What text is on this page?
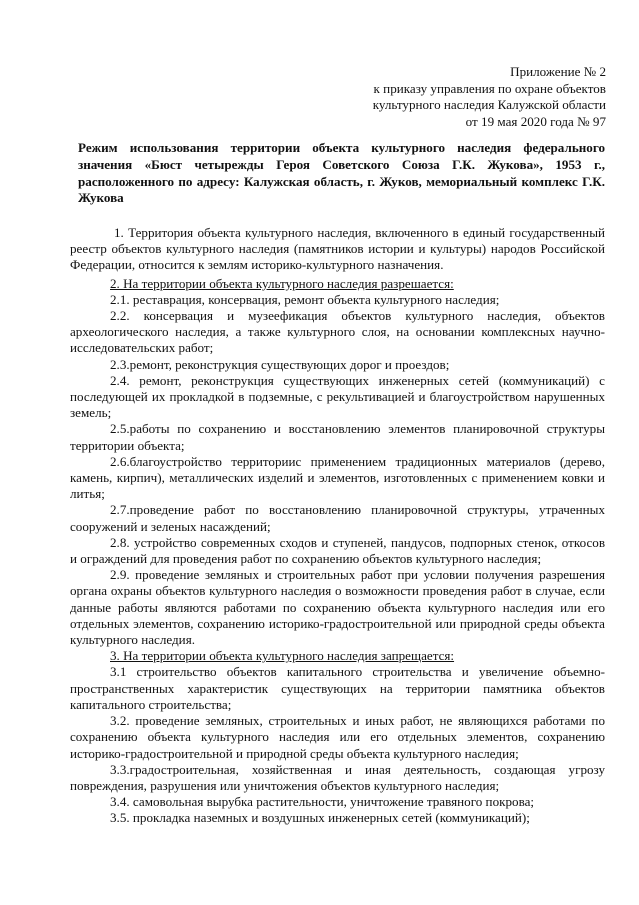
Приложение № 2
к приказу управления по охране объектов
культурного наследия Калужской области
от 19 мая 2020 года № 97
Режим использования территории объекта культурного наследия федерального значения «Бюст четырежды Героя Советского Союза Г.К. Жукова», 1953 г., расположенного по адресу: Калужская область, г. Жуков, мемориальный комплекс Г.К. Жукова

1. Территория объекта культурного наследия, включенного в единый государственный реестр объектов культурного наследия (памятников истории и культуры) народов Российской Федерации, относится к землям историко-культурного назначения.

2. На территории объекта культурного наследия разрешается:

2.1. реставрация, консервация, ремонт объекта культурного наследия;

2.2. консервация и музеефикация объектов культурного наследия, объектов археологического наследия, а также культурного слоя, на основании комплексных научно-исследовательских работ;

2.3.ремонт, реконструкция существующих дорог и проездов;

2.4. ремонт, реконструкция существующих инженерных сетей (коммуникаций) с последующей их прокладкой в подземные, с рекультивацией и благоустройством нарушенных земель;

2.5.работы по сохранению и восстановлению элементов планировочной структуры территории объекта;

2.6.благоустройство территориис применением традиционных материалов (дерево, камень, кирпич), металлических изделий и элементов, изготовленных с применением ковки и литья;

2.7.проведение работ по восстановлению планировочной структуры, утраченных сооружений и зеленых насаждений;

2.8. устройство современных сходов и ступеней, пандусов, подпорных стенок, откосов и ограждений для проведения работ по сохранению объектов культурного наследия;

2.9. проведение земляных и строительных работ при условии получения разрешения органа охраны объектов культурного наследия о возможности проведения работ в случае, если данные работы являются работами по сохранению объекта культурного наследия или его отдельных элементов, сохранению историко-градостроительной или природной среды объекта культурного наследия.

3. На территории объекта культурного наследия запрещается:

3.1 строительство объектов капитального строительства и увеличение объемно-пространственных характеристик существующих на территории памятника объектов капитального строительства;

3.2. проведение земляных, строительных и иных работ, не являющихся работами по сохранению объекта культурного наследия или его отдельных элементов, сохранению историко-градостроительной и природной среды объекта культурного наследия;

3.3.градостроительная, хозяйственная и иная деятельность, создающая угрозу повреждения, разрушения или уничтожения объектов культурного наследия;

3.4. самовольная вырубка растительности, уничтожение травяного покрова;

3.5. прокладка наземных и воздушных инженерных сетей (коммуникаций);
